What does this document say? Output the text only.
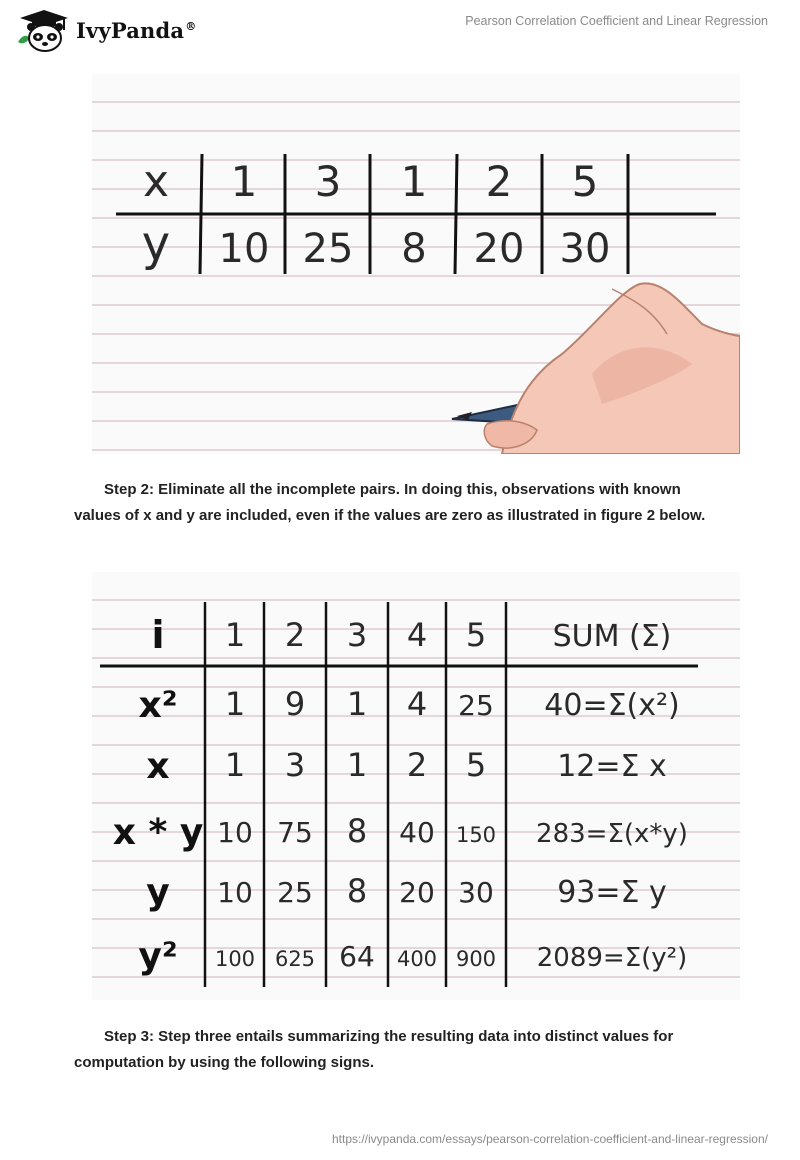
IvyPanda®	Pearson Correlation Coefficient and Linear Regression
x
y
1 3 1 2 5
10 25 8 20 30

Step 2: Eliminate all the incomplete pairs. In doing this, observations with known values of x and y are included, even if the values are zero as illustrated in figure 2 below.

i 1 2 3 4 5 SUM (Σ)
x² 1 9 1 4 25 40=Σ(x²)
x 1 3 1 2 5 12=Σ x
x * y 10 75 8 40 150 283=Σ(x*y)
y 10 25 8 20 30 93=Σ y
y² 100 625 64 400 900 2089=Σ(y²)

Step 3: Step three entails summarizing the resulting data into distinct values for computation by using the following signs.

https://ivypanda.com/essays/pearson-correlation-coefficient-and-linear-regression/
